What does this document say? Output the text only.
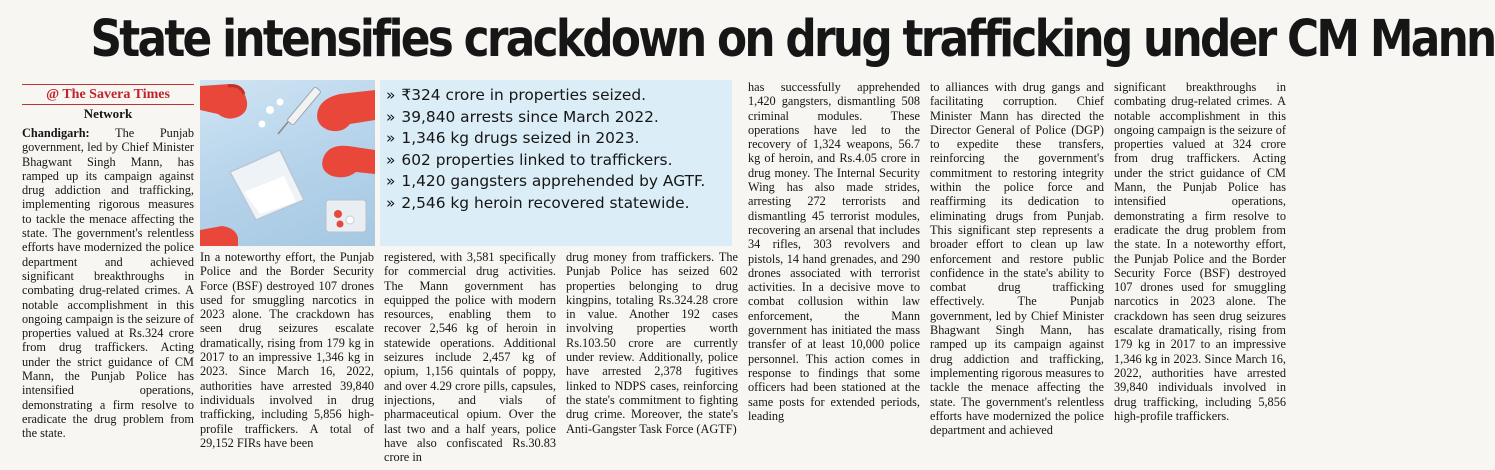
State intensifies crackdown on drug trafficking under CM Mann
@ The Savera Times
Network

Chandigarh: The Punjab government, led by Chief Minister Bhagwant Singh Mann, has ramped up its campaign against drug addiction and trafficking, implementing rigorous measures to tackle the menace affecting the state. The government's relentless efforts have modernized the police department and achieved significant breakthroughs in combating drug-related crimes. A notable accomplishment in this ongoing campaign is the seizure of properties valued at Rs.324 crore from drug traffickers. Acting under the strict guidance of CM Mann, the Punjab Police has intensified operations, demonstrating a firm resolve to eradicate the drug problem from the state.

» ₹324 crore in properties seized.
» 39,840 arrests since March 2022.
» 1,346 kg drugs seized in 2023.
» 602 properties linked to traffickers.
» 1,420 gangsters apprehended by AGTF.
» 2,546 kg heroin recovered statewide.

In a noteworthy effort, the Punjab Police and the Border Security Force (BSF) destroyed 107 drones used for smuggling narcotics in 2023 alone. The crackdown has seen drug seizures escalate dramatically, rising from 179 kg in 2017 to an impressive 1,346 kg in 2023. Since March 16, 2022, authorities have arrested 39,840 individuals involved in drug trafficking, including 5,856 high-profile traffickers. A total of 29,152 FIRs have been

registered, with 3,581 specifically for commercial drug activities. The Mann government has equipped the police with modern resources, enabling them to recover 2,546 kg of heroin in statewide operations. Additional seizures include 2,457 kg of opium, 1,156 quintals of poppy, and over 4.29 crore pills, capsules, injections, and vials of pharmaceutical opium. Over the last two and a half years, police have also confiscated Rs.30.83 crore in

drug money from traffickers. The Punjab Police has seized 602 properties belonging to drug kingpins, totaling Rs.324.28 crore in value. Another 192 cases involving properties worth Rs.103.50 crore are currently under review. Additionally, police have arrested 2,378 fugitives linked to NDPS cases, reinforcing the state's commitment to fighting drug crime. Moreover, the state's Anti-Gangster Task Force (AGTF)

has successfully apprehended 1,420 gangsters, dismantling 508 criminal modules. These operations have led to the recovery of 1,324 weapons, 56.7 kg of heroin, and Rs.4.05 crore in drug money. The Internal Security Wing has also made strides, arresting 272 terrorists and dismantling 45 terrorist modules, recovering an arsenal that includes 34 rifles, 303 revolvers and pistols, 14 hand grenades, and 290 drones associated with terrorist activities. In a decisive move to combat collusion within law enforcement, the Mann government has initiated the mass transfer of at least 10,000 police personnel. This action comes in response to findings that some officers had been stationed at the same posts for extended periods, leading

to alliances with drug gangs and facilitating corruption. Chief Minister Mann has directed the Director General of Police (DGP) to expedite these transfers, reinforcing the government's commitment to restoring integrity within the police force and reaffirming its dedication to eliminating drugs from Punjab. This significant step represents a broader effort to clean up law enforcement and restore public confidence in the state's ability to combat drug trafficking effectively. The Punjab government, led by Chief Minister Bhagwant Singh Mann, has ramped up its campaign against drug addiction and trafficking, implementing rigorous measures to tackle the menace affecting the state. The government's relentless efforts have modernized the police department and achieved

significant breakthroughs in combating drug-related crimes. A notable accomplishment in this ongoing campaign is the seizure of properties valued at 324 crore from drug traffickers. Acting under the strict guidance of CM Mann, the Punjab Police has intensified operations, demonstrating a firm resolve to eradicate the drug problem from the state. In a noteworthy effort, the Punjab Police and the Border Security Force (BSF) destroyed 107 drones used for smuggling narcotics in 2023 alone. The crackdown has seen drug seizures escalate dramatically, rising from 179 kg in 2017 to an impressive 1,346 kg in 2023. Since March 16, 2022, authorities have arrested 39,840 individuals involved in drug trafficking, including 5,856 high-profile traffickers.
